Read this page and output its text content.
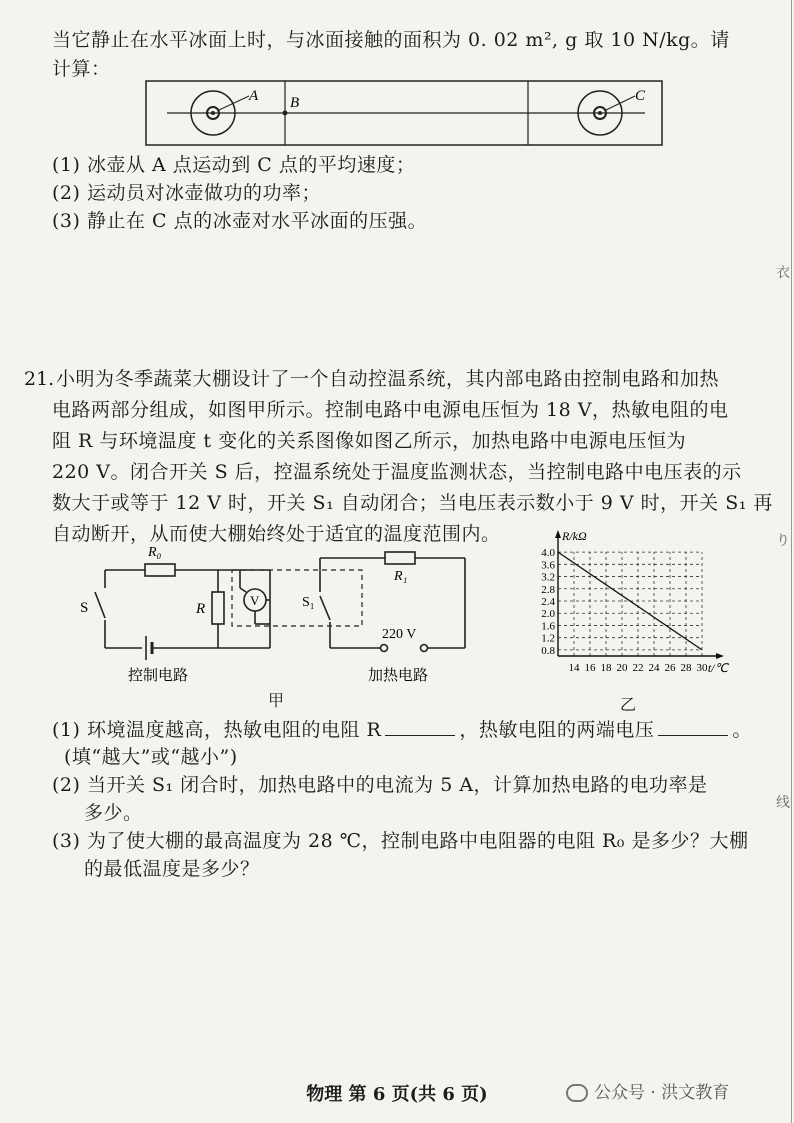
衣
り
线
当它静止在水平冰面上时，与冰面接触的面积为 0. 02 m², g 取 10 N/kg。请
计算：
A B	C
(1) 冰壶从 A 点运动到 C 点的平均速度；
(2) 运动员对冰壶做功的功率；
(3) 静止在 C 点的冰壶对水平冰面的压强。
21. 小明为冬季蔬菜大棚设计了一个自动控温系统，其内部电路由控制电路和加热
电路两部分组成，如图甲所示。控制电路中电源电压恒为 18 V，热敏电阻的电
阻 R 与环境温度 t 变化的关系图像如图乙所示，加热电路中电源电压恒为
220 V。闭合开关 S 后，控温系统处于温度监测状态，当控制电路中电压表的示
数大于或等于 12 V 时，开关 S₁ 自动闭合；当电压表示数小于 9 V 时，开关 S₁ 再
自动断开，从而使大棚始终处于适宜的温度范围内。
S
R₀
R
V	S₁
R₁
220 V
控制电路	加热电路
甲
14 16 18 20 22 24 26 28 30
0.8
1.2
1.6
2.0
2.4
2.8
3.2
3.6
4.0
R/kΩ
t/℃
乙
(1) 环境温度越高，热敏电阻的电阻 R	，热敏电阻的两端电压	。
(填“越大”或“越小”)
(2) 当开关 S₁ 闭合时，加热电路中的电流为 5 A，计算加热电路的电功率是
多少。
(3) 为了使大棚的最高温度为 28 ℃，控制电路中电阻器的电阻 R₀ 是多少？大棚
的最低温度是多少？
物理 第 6 页(共 6 页)	公众号 · 洪文教育
